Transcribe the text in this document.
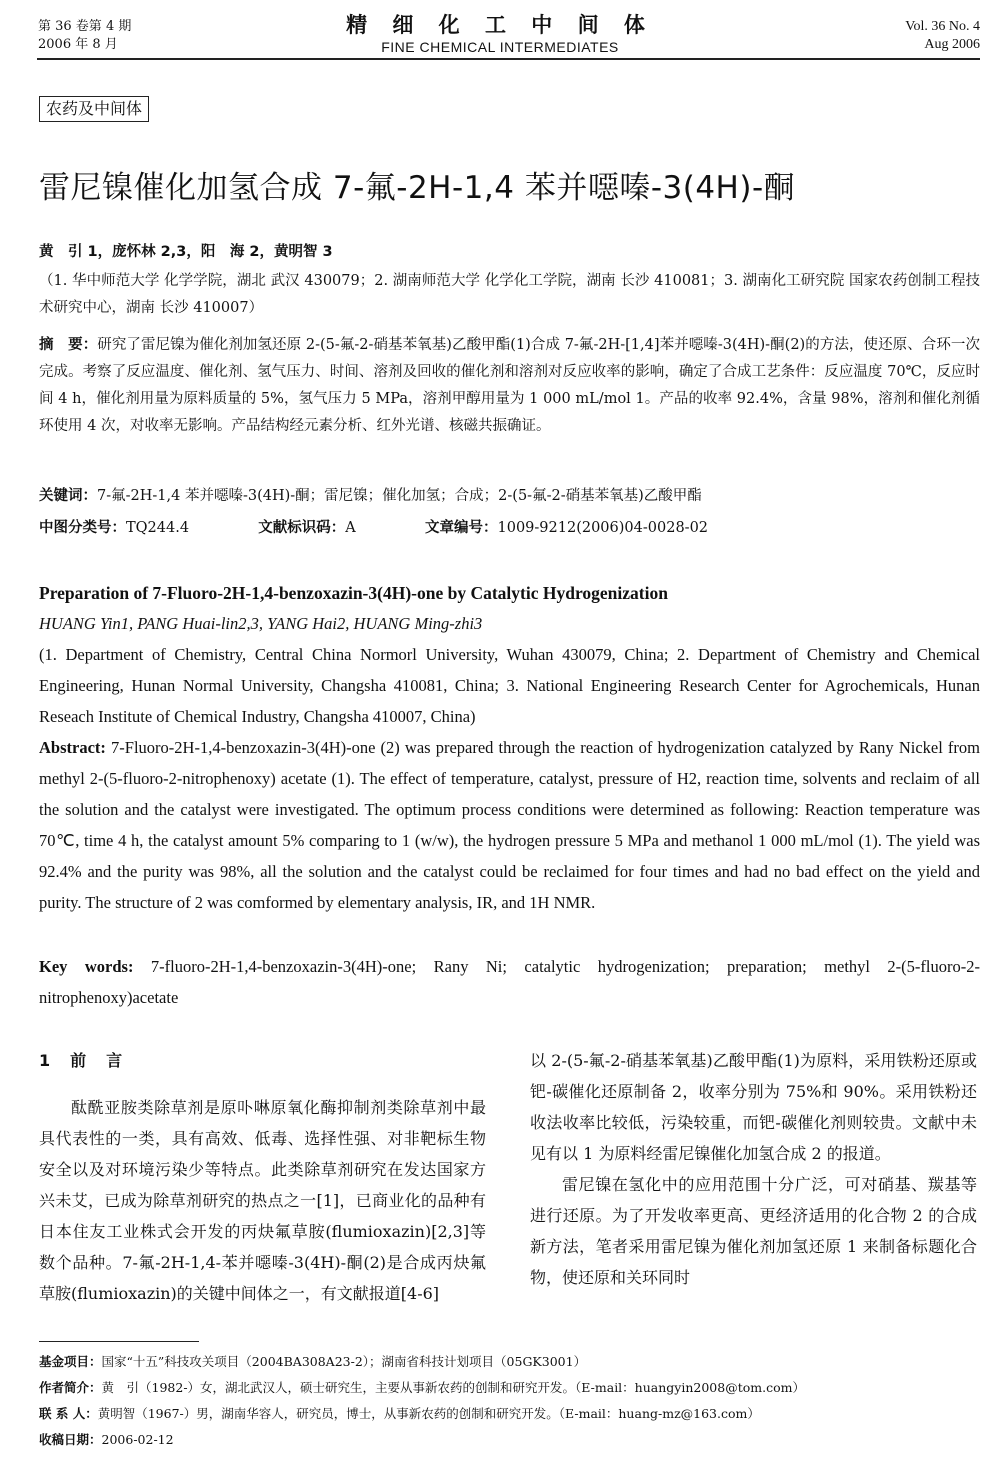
第 36 卷第 4 期
2006 年 8 月
精 细 化 工 中 间 体
FINE CHEMICAL INTERMEDIATES
Vol. 36 No. 4
Aug 2006
农药及中间体
雷尼镍催化加氢合成 7-氟-2H-1,4 苯并噁嗪-3(4H)-酮
黄　引 1，庞怀林 2,3，阳　海 2，黄明智 3
（1. 华中师范大学 化学学院，湖北 武汉 430079；2. 湖南师范大学 化学化工学院，湖南 长沙 410081；3. 湖南化工研究院 国家农药创制工程技术研究中心，湖南 长沙 410007）
摘　要：研究了雷尼镍为催化剂加氢还原 2-(5-氟-2-硝基苯氧基)乙酸甲酯(1)合成 7-氟-2H-[1,4]苯并噁嗪-3(4H)-酮(2)的方法，使还原、合环一次完成。考察了反应温度、催化剂、氢气压力、时间、溶剂及回收的催化剂和溶剂对反应收率的影响，确定了合成工艺条件：反应温度 70℃，反应时间 4 h，催化剂用量为原料质量的 5%，氢气压力 5 MPa，溶剂甲醇用量为 1 000 mL/mol 1。产品的收率 92.4%，含量 98%，溶剂和催化剂循环使用 4 次，对收率无影响。产品结构经元素分析、红外光谱、核磁共振确证。
关键词：7-氟-2H-1,4 苯并噁嗪-3(4H)-酮；雷尼镍；催化加氢；合成；2-(5-氟-2-硝基苯氧基)乙酸甲酯
中图分类号：TQ244.4	文献标识码：A	文章编号：1009-9212(2006)04-0028-02
Preparation of 7-Fluoro-2H-1,4-benzoxazin-3(4H)-one by Catalytic Hydrogenization
HUANG Yin1, PANG Huai-lin2,3, YANG Hai2, HUANG Ming-zhi3
(1. Department of Chemistry, Central China Normorl University, Wuhan 430079, China; 2. Department of Chemistry and Chemical Engineering, Hunan Normal University, Changsha 410081, China; 3. National Engineering Research Center for Agrochemicals, Hunan Reseach Institute of Chemical Industry, Changsha 410007, China)
Abstract: 7-Fluoro-2H-1,4-benzoxazin-3(4H)-one (2) was prepared through the reaction of hydrogenization catalyzed by Rany Nickel from methyl 2-(5-fluoro-2-nitrophenoxy) acetate (1). The effect of temperature, catalyst, pressure of H2, reaction time, solvents and reclaim of all the solution and the catalyst were investigated. The optimum process conditions were determined as following: Reaction temperature was 70℃, time 4 h, the catalyst amount 5% comparing to 1 (w/w), the hydrogen pressure 5 MPa and methanol 1 000 mL/mol (1). The yield was 92.4% and the purity was 98%, all the solution and the catalyst could be reclaimed for four times and had no bad effect on the yield and purity. The structure of 2 was comformed by elementary analysis, IR, and 1H NMR.
Key words: 7-fluoro-2H-1,4-benzoxazin-3(4H)-one; Rany Ni; catalytic hydrogenization; preparation; methyl 2-(5-fluoro-2-nitrophenoxy)acetate
1　前　言

酞酰亚胺类除草剂是原卟啉原氧化酶抑制剂类除草剂中最具代表性的一类，具有高效、低毒、选择性强、对非靶标生物安全以及对环境污染少等特点。此类除草剂研究在发达国家方兴未艾，已成为除草剂研究的热点之一[1]，已商业化的品种有日本住友工业株式会开发的丙炔氟草胺(flumioxazin)[2,3]等数个品种。7-氟-2H-1,4-苯并噁嗪-3(4H)-酮(2)是合成丙炔氟草胺(flumioxazin)的关键中间体之一，有文献报道[4-6]

以 2-(5-氟-2-硝基苯氧基)乙酸甲酯(1)为原料，采用铁粉还原或钯-碳催化还原制备 2，收率分别为 75%和 90%。采用铁粉还收法收率比较低，污染较重，而钯-碳催化剂则较贵。文献中未见有以 1 为原料经雷尼镍催化加氢合成 2 的报道。

雷尼镍在氢化中的应用范围十分广泛，可对硝基、羰基等进行还原。为了开发收率更高、更经济适用的化合物 2 的合成新方法，笔者采用雷尼镍为催化剂加氢还原 1 来制备标题化合物，使还原和关环同时

基金项目：国家“十五”科技攻关项目（2004BA308A23-2）；湖南省科技计划项目（05GK3001）
作者简介：黄　引（1982-）女，湖北武汉人，硕士研究生，主要从事新农药的创制和研究开发。（E-mail：huangyin2008@tom.com）
联 系 人：黄明智（1967-）男，湖南华容人，研究员，博士，从事新农药的创制和研究开发。（E-mail：huang-mz@163.com）
收稿日期：2006-02-12
